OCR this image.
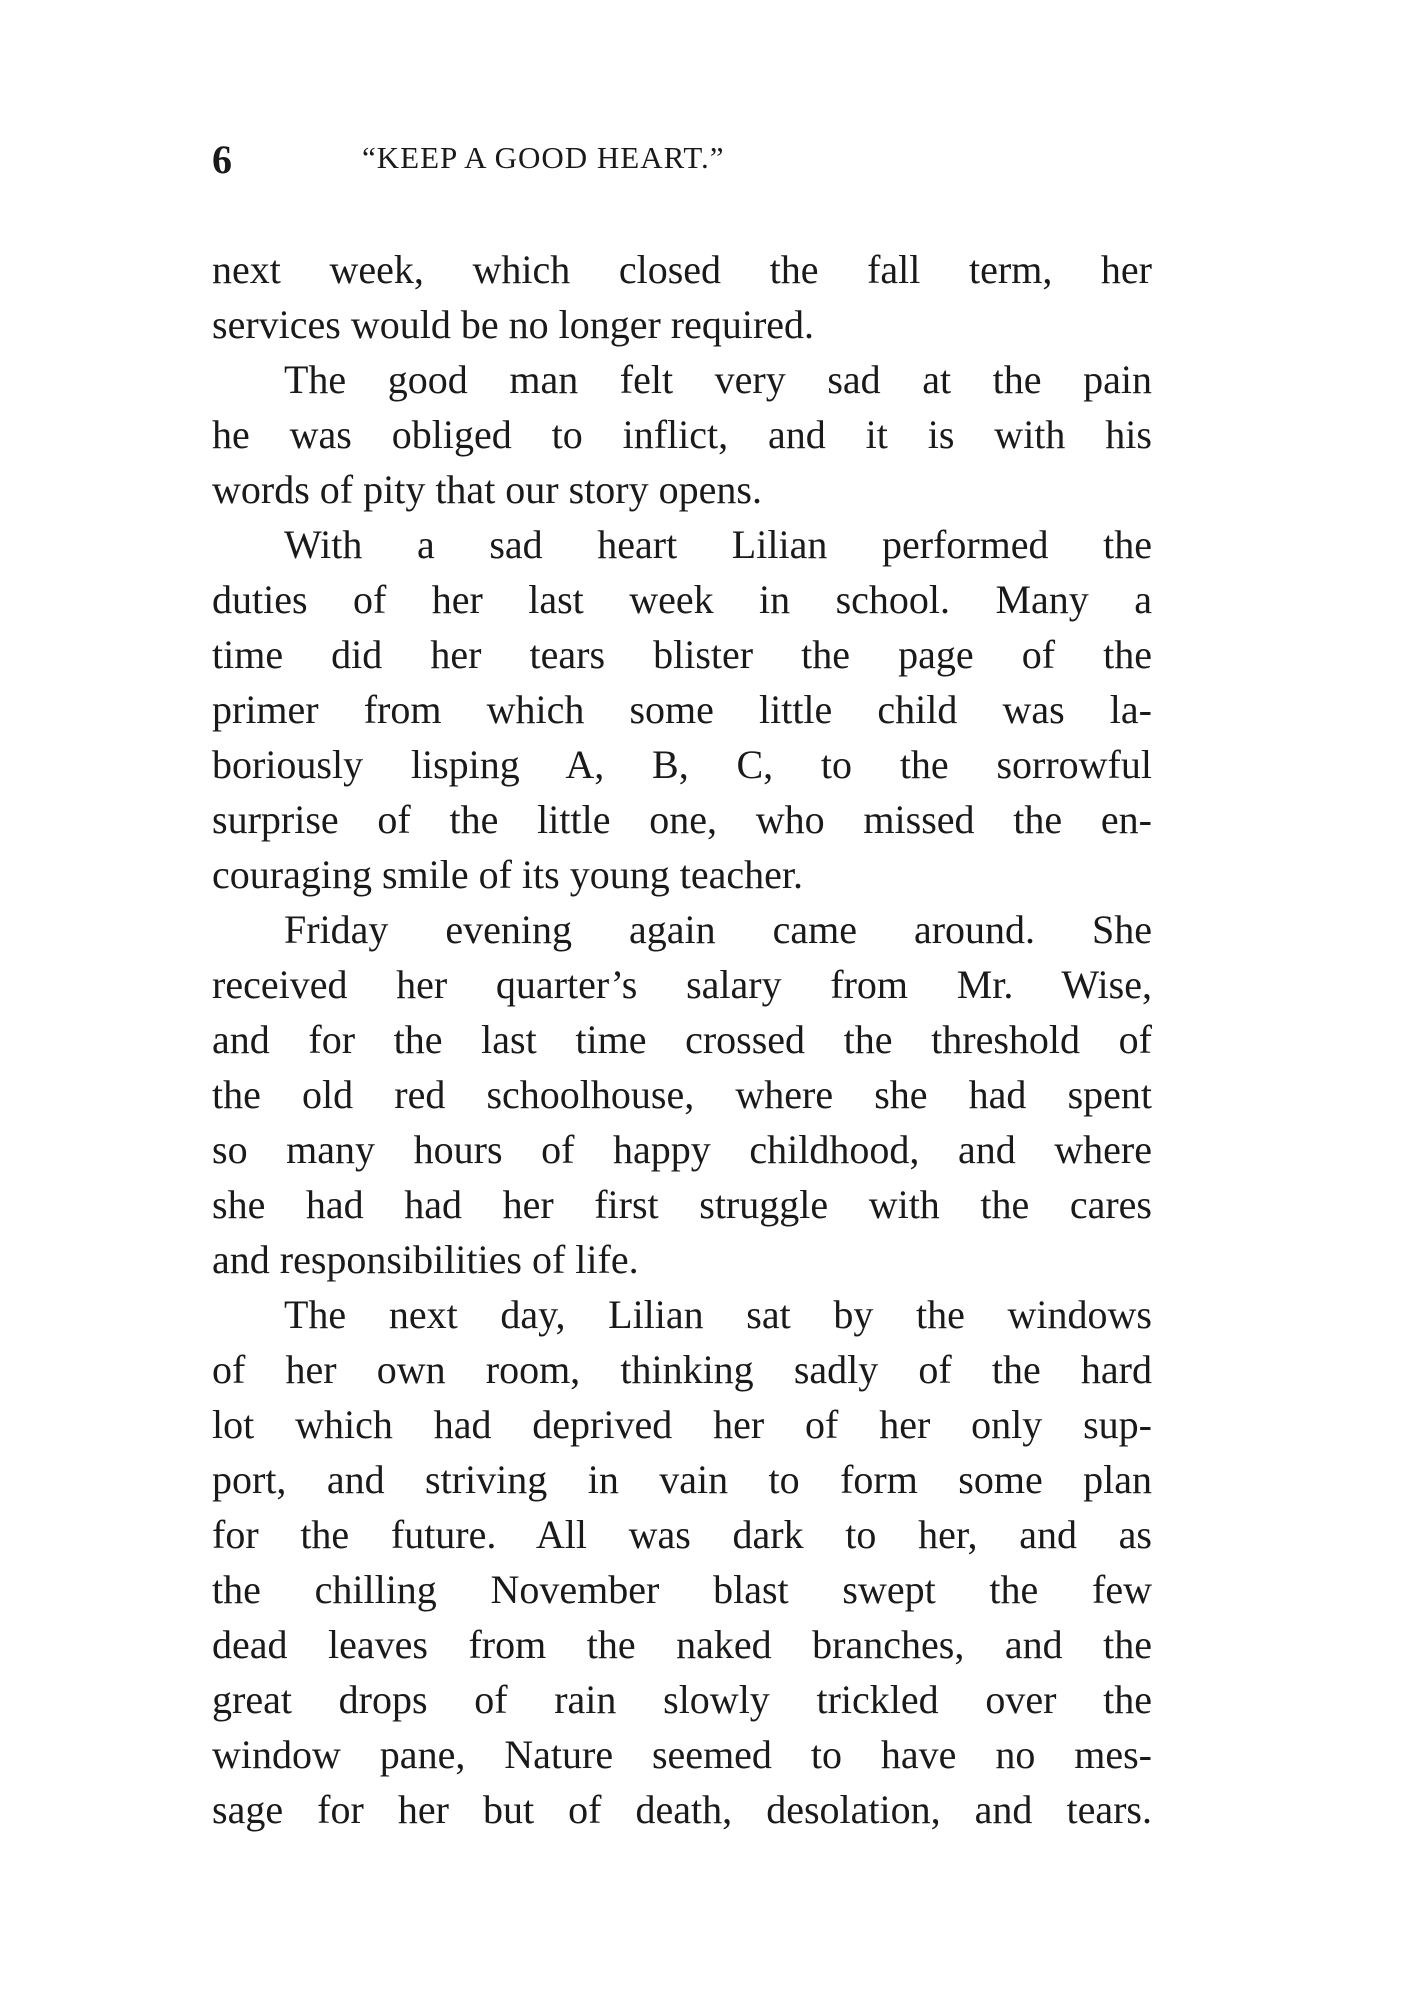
6	“KEEP A GOOD HEART.”
next week, which closed the fall term, her
services would be no longer required.
The good man felt very sad at the pain
he was obliged to inflict, and it is with his
words of pity that our story opens.
With a sad heart Lilian performed the
duties of her last week in school. Many a
time did her tears blister the page of the
primer from which some little child was la-
boriously lisping A, B, C, to the sorrowful
surprise of the little one, who missed the en-
couraging smile of its young teacher.
Friday evening again came around. She
received her quarter’s salary from Mr. Wise,
and for the last time crossed the threshold of
the old red schoolhouse, where she had spent
so many hours of happy childhood, and where
she had had her first struggle with the cares
and responsibilities of life.
The next day, Lilian sat by the windows
of her own room, thinking sadly of the hard
lot which had deprived her of her only sup-
port, and striving in vain to form some plan
for the future. All was dark to her, and as
the chilling November blast swept the few
dead leaves from the naked branches, and the
great drops of rain slowly trickled over the
window pane, Nature seemed to have no mes-
sage for her but of death, desolation, and tears.
